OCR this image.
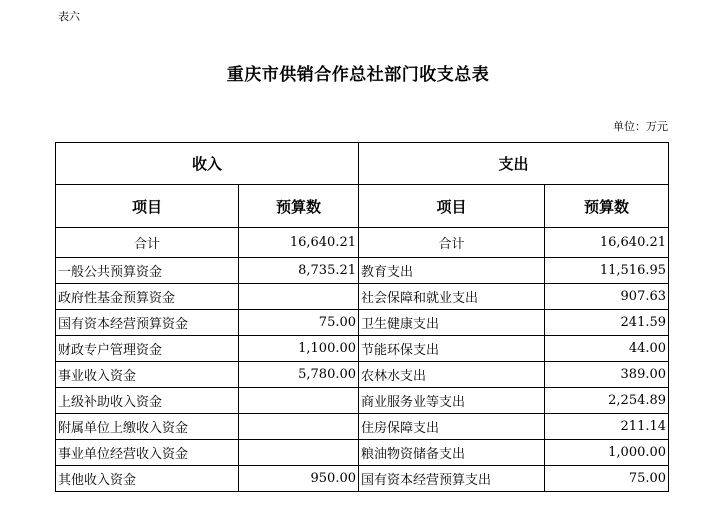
表六
重庆市供销合作总社部门收支总表
单位：万元
收入		支出	
项目	预算数	项目	预算数
合计	16,640.21	合计	16,640.21
一般公共预算资金	8,735.21	教育支出	11,516.95
政府性基金预算资金		社会保障和就业支出	907.63
国有资本经营预算资金	75.00	卫生健康支出	241.59
财政专户管理资金	1,100.00	节能环保支出	44.00
事业收入资金	5,780.00	农林水支出	389.00
上级补助收入资金		商业服务业等支出	2,254.89
附属单位上缴收入资金		住房保障支出	211.14
事业单位经营收入资金		粮油物资储备支出	1,000.00
其他收入资金	950.00	国有资本经营预算支出	75.00
